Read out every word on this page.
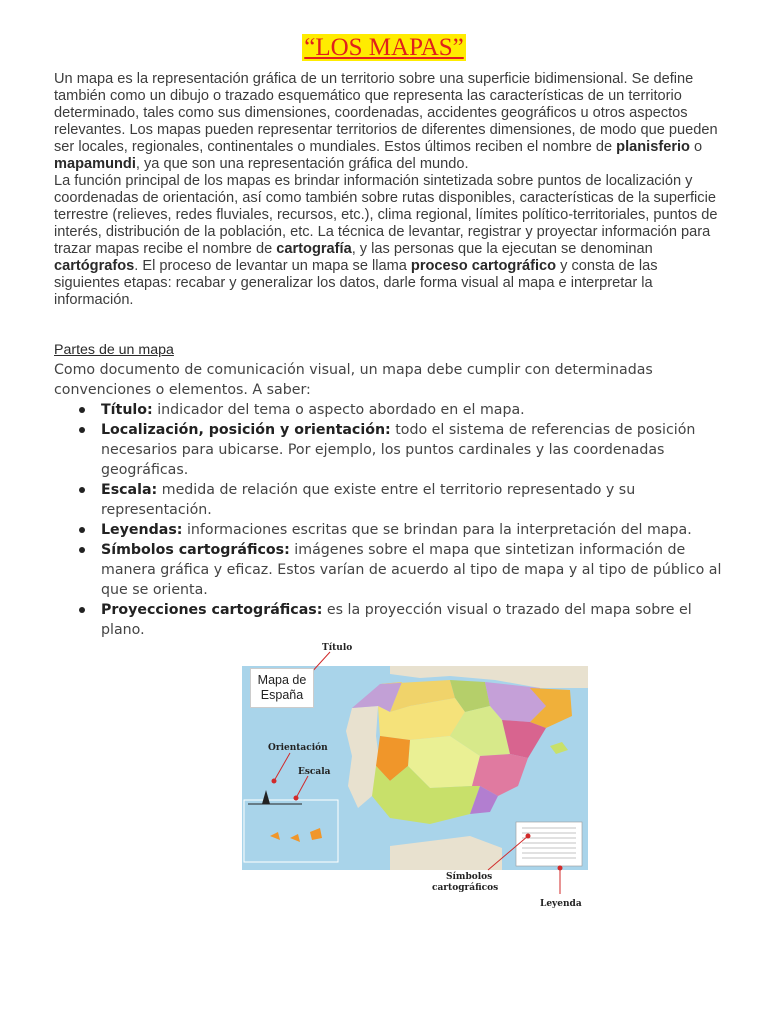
“LOS MAPAS”

Un mapa es la representación gráfica de un territorio sobre una superficie bidimensional. Se define también como un dibujo o trazado esquemático que representa las características de un territorio determinado, tales como sus dimensiones, coordenadas, accidentes geográficos u otros aspectos relevantes. Los mapas pueden representar territorios de diferentes dimensiones, de modo que pueden ser locales, regionales, continentales o mundiales. Estos últimos reciben el nombre de planisferio o mapamundi, ya que son una representación gráfica del mundo.

La función principal de los mapas es brindar información sintetizada sobre puntos de localización y coordenadas de orientación, así como también sobre rutas disponibles, características de la superficie terrestre (relieves, redes fluviales, recursos, etc.), clima regional, límites político-territoriales, puntos de interés, distribución de la población, etc. La técnica de levantar, registrar y proyectar información para trazar mapas recibe el nombre de cartografía, y las personas que la ejecutan se denominan cartógrafos. El proceso de levantar un mapa se llama proceso cartográfico y consta de las siguientes etapas: recabar y generalizar los datos, darle forma visual al mapa e interpretar la información.

Partes de un mapa

Como documento de comunicación visual, un mapa debe cumplir con determinadas convenciones o elementos. A saber:

Título: indicador del tema o aspecto abordado en el mapa.
Localización, posición y orientación: todo el sistema de referencias de posición necesarios para ubicarse. Por ejemplo, los puntos cardinales y las coordenadas geográficas.
Escala: medida de relación que existe entre el territorio representado y su representación.
Leyendas: informaciones escritas que se brindan para la interpretación del mapa.
Símbolos cartográficos: imágenes sobre el mapa que sintetizan información de manera gráfica y eficaz. Estos varían de acuerdo al tipo de mapa y al tipo de público al que se orienta.
Proyecciones cartográficas: es la proyección visual o trazado del mapa sobre el plano.
Título
Orientación
Escala
Símbolos
cartográficos
Leyenda
Mapa de
España
